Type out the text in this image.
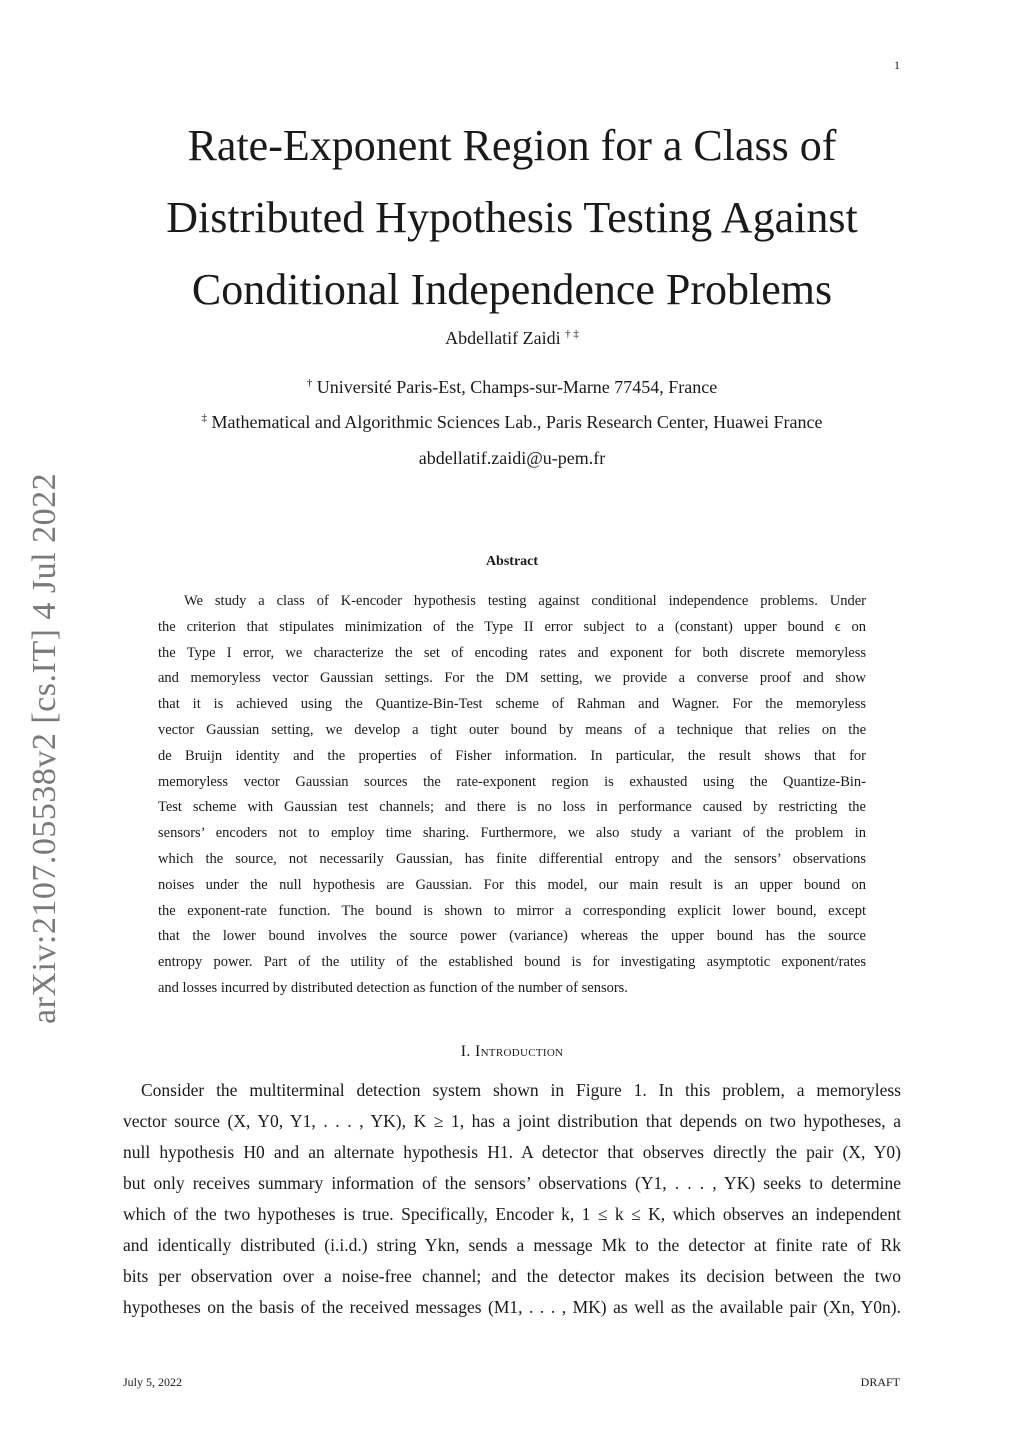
1
arXiv:2107.05538v2 [cs.IT] 4 Jul 2022
Rate-Exponent Region for a Class of
Distributed Hypothesis Testing Against
Conditional Independence Problems
Abdellatif Zaidi † ‡
† Université Paris-Est, Champs-sur-Marne 77454, France
‡ Mathematical and Algorithmic Sciences Lab., Paris Research Center, Huawei France
abdellatif.zaidi@u-pem.fr
Abstract
We study a class of K-encoder hypothesis testing against conditional independence problems. Under
the criterion that stipulates minimization of the Type II error subject to a (constant) upper bound ϵ on
the Type I error, we characterize the set of encoding rates and exponent for both discrete memoryless
and memoryless vector Gaussian settings. For the DM setting, we provide a converse proof and show
that it is achieved using the Quantize-Bin-Test scheme of Rahman and Wagner. For the memoryless
vector Gaussian setting, we develop a tight outer bound by means of a technique that relies on the
de Bruijn identity and the properties of Fisher information. In particular, the result shows that for
memoryless vector Gaussian sources the rate-exponent region is exhausted using the Quantize-Bin-
Test scheme with Gaussian test channels; and there is no loss in performance caused by restricting the
sensors’ encoders not to employ time sharing. Furthermore, we also study a variant of the problem in
which the source, not necessarily Gaussian, has finite differential entropy and the sensors’ observations
noises under the null hypothesis are Gaussian. For this model, our main result is an upper bound on
the exponent-rate function. The bound is shown to mirror a corresponding explicit lower bound, except
that the lower bound involves the source power (variance) whereas the upper bound has the source
entropy power. Part of the utility of the established bound is for investigating asymptotic exponent/rates
and losses incurred by distributed detection as function of the number of sensors.
I. Introduction
Consider the multiterminal detection system shown in Figure 1. In this problem, a memoryless
vector source (X, Y0, Y1, . . . , YK), K ≥ 1, has a joint distribution that depends on two hypotheses, a
null hypothesis H0 and an alternate hypothesis H1. A detector that observes directly the pair (X, Y0)
but only receives summary information of the sensors’ observations (Y1, . . . , YK) seeks to determine
which of the two hypotheses is true. Specifically, Encoder k, 1 ≤ k ≤ K, which observes an independent
and identically distributed (i.i.d.) string Ykn, sends a message Mk to the detector at finite rate of Rk
bits per observation over a noise-free channel; and the detector makes its decision between the two
hypotheses on the basis of the received messages (M1, . . . , MK) as well as the available pair (Xn, Y0n).
July 5, 2022	DRAFT
